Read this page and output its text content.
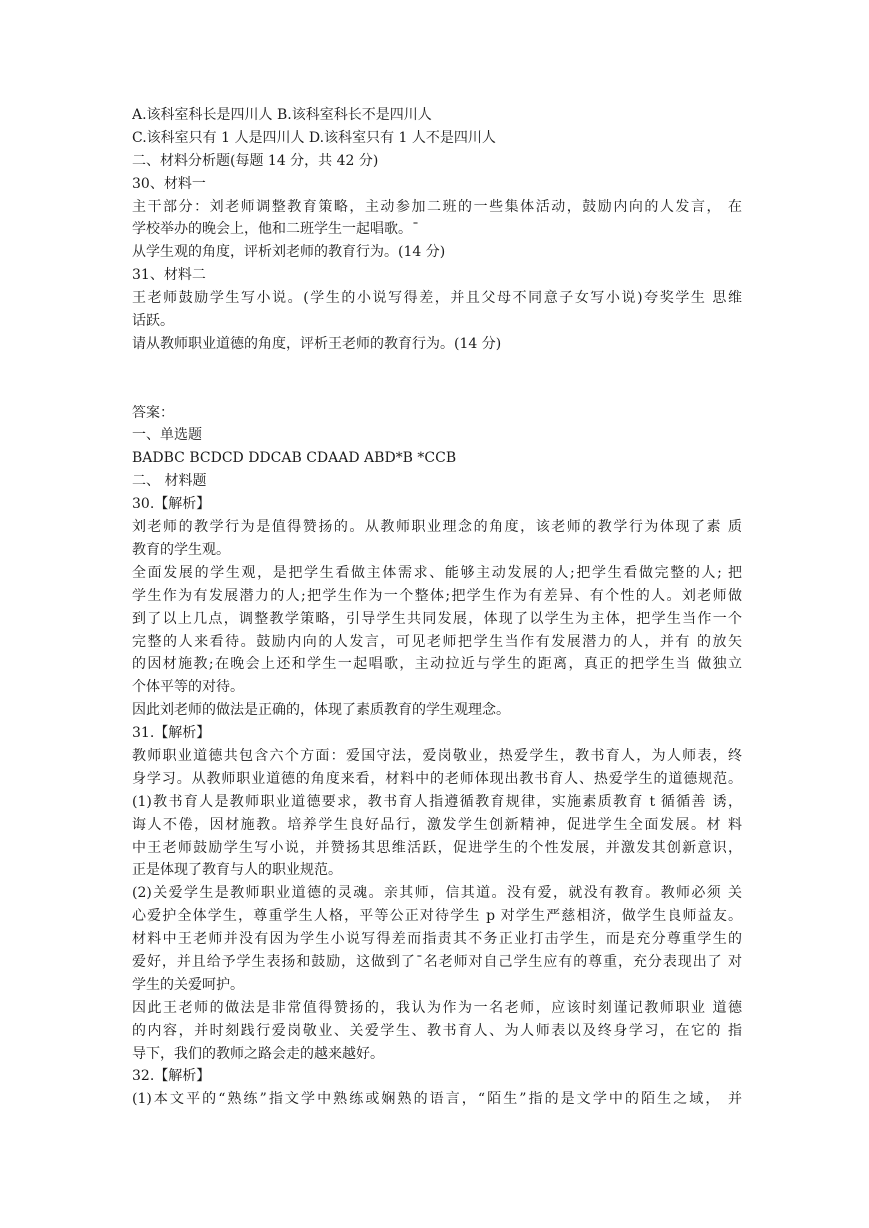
A.该科室科长是四川人 B.该科室科长不是四川人
C.该科室只有 1 人是四川人 D.该科室只有 1 人不是四川人
二、材料分析题(每题 14 分，共 42 分)
30、材料一
主干部分：刘老师调整教育策略，主动参加二班的一些集体活动，鼓励内向的人发言， 在
学校举办的晚会上，他和二班学生一起唱歌。ˉ
从学生观的角度，评析刘老师的教育行为。(14 分)
31、材料二
王老师鼓励学生写小说。(学生的小说写得差，并且父母不同意子女写小说)夸奖学生 思维
话跃。
请从教师职业道德的角度，评析王老师的教育行为。(14 分)
答案：
一、单选题
BADBC BCDCD DDCAB CDAAD ABD*B *CCB
二、 材料题
30.【解析】
刘老师的教学行为是值得赞扬的。从教师职业理念的角度，该老师的教学行为体现了素 质
教育的学生观。
全面发展的学生观，是把学生看做主体需求、能够主动发展的人;把学生看做完整的人; 把
学生作为有发展潜力的人;把学生作为一个整体;把学生作为有差异、有个性的人。刘老师做
到了以上几点，调整教学策略，引导学生共同发展，体现了以学生为主体，把学生当作一个
完整的人来看待。鼓励内向的人发言，可见老师把学生当作有发展潜力的人，并有 的放矢
的因材施教;在晚会上还和学生一起唱歌，主动拉近与学生的距离，真正的把学生当 做独立
个体平等的对待。
因此刘老师的做法是正确的，体现了素质教育的学生观理念。
31.【解析】
教师职业道德共包含六个方面：爱国守法，爱岗敬业，热爱学生，教书育人，为人师表，终
身学习。从教师职业道德的角度来看，材料中的老师体现出教书育人、热爱学生的道德规范。
(1)教书育人是教师职业道德要求，教书育人指遵循教育规律，实施素质教育 t 循循善 诱，
诲人不倦，因材施教。培养学生良好品行，激发学生创新精神，促进学生全面发展。材 料
中王老师鼓励学生写小说，并赞扬其思维活跃，促进学生的个性发展，并激发其创新意识，
正是体现了教育与人的职业规范。
(2)关爱学生是教师职业道德的灵魂。亲其师，信其道。没有爱，就没有教育。教师必须 关
心爱护全体学生，尊重学生人格，平等公正对待学生 p 对学生严慈相济，做学生良师益友。
材料中王老师并没有因为学生小说写得差而指责其不务正业打击学生，而是充分尊重学生的
爱好，并且给予学生表扬和鼓励，这做到了ˉ名老师对自己学生应有的尊重，充分表现出了 对
学生的关爱呵护。
因此王老师的做法是非常值得赞扬的，我认为作为一名老师，应该时刻谨记教师职业 道德
的内容，并时刻践行爱岗敬业、关爱学生、教书育人、为人师表以及终身学习，在它的 指
导下，我们的教师之路会走的越来越好。
32.【解析】
(1)本文平的“熟练”指文学中熟练或娴熟的语言，“陌生”指的是文学中的陌生之域， 并
